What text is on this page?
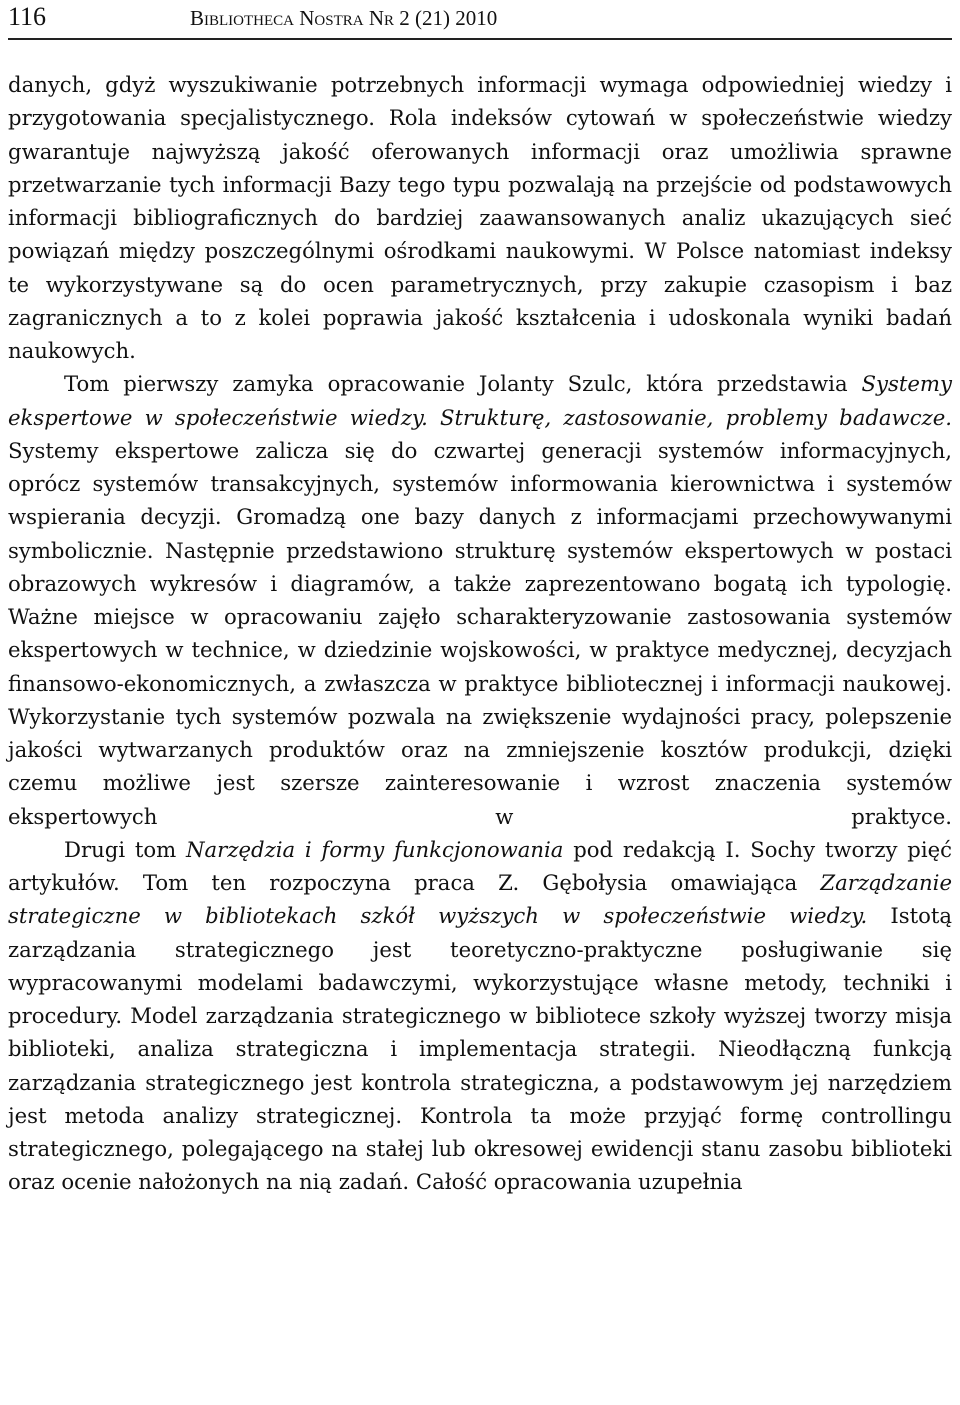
116	Bibliotheca Nostra Nr 2 (21) 2010

danych, gdyż wyszukiwanie potrzebnych informacji wymaga odpowiedniej wiedzy i przygotowania specjalistycznego. Rola indeksów cytowań w społeczeństwie wiedzy gwarantuje najwyższą jakość oferowanych informacji oraz umożliwia sprawne przetwarzanie tych informacji Bazy tego typu pozwalają na przejście od podstawowych informacji bibliograficznych do bardziej zaawansowanych analiz ukazujących sieć powiązań między poszczególnymi ośrodkami naukowymi. W Polsce natomiast indeksy te wykorzystywane są do ocen parametrycznych, przy zakupie czasopism i baz zagranicznych a to z kolei poprawia jakość kształcenia i udoskonala wyniki badań naukowych.

Tom pierwszy zamyka opracowanie Jolanty Szulc, która przedstawia Systemy ekspertowe w społeczeństwie wiedzy. Strukturę, zastosowanie, problemy badawcze. Systemy ekspertowe zalicza się do czwartej generacji systemów informacyjnych, oprócz systemów transakcyjnych, systemów informowania kierownictwa i systemów wspierania decyzji. Gromadzą one bazy danych z informacjami przechowywanymi symbolicznie. Następnie przedstawiono strukturę systemów ekspertowych w postaci obrazowych wykresów i diagramów, a także zaprezentowano bogatą ich typologię. Ważne miejsce w opracowaniu zajęło scharakteryzowanie zastosowania systemów ekspertowych w technice, w dziedzinie wojskowości, w praktyce medycznej, decyzjach finansowo-ekonomicznych, a zwłaszcza w praktyce bibliotecznej i informacji naukowej. Wykorzystanie tych systemów pozwala na zwiększenie wydajności pracy, polepszenie jakości wytwarzanych produktów oraz na zmniejszenie kosztów produkcji, dzięki czemu możliwe jest szersze zainteresowanie i wzrost znaczenia systemów ekspertowych w praktyce.

Drugi tom Narzędzia i formy funkcjonowania pod redakcją I. Sochy tworzy pięć artykułów. Tom ten rozpoczyna praca Z. Gębołysia omawiająca Zarządzanie strategiczne w bibliotekach szkół wyższych w społeczeństwie wiedzy. Istotą zarządzania strategicznego jest teoretyczno-praktyczne posługiwanie się wypracowanymi modelami badawczymi, wykorzystujące własne metody, techniki i procedury. Model zarządzania strategicznego w bibliotece szkoły wyższej tworzy misja biblioteki, analiza strategiczna i implementacja strategii. Nieodłączną funkcją zarządzania strategicznego jest kontrola strategiczna, a podstawowym jej narzędziem jest metoda analizy strategicznej. Kontrola ta może przyjąć formę controllingu strategicznego, polegającego na stałej lub okresowej ewidencji stanu zasobu biblioteki oraz ocenie nałożonych na nią zadań. Całość opracowania uzupełnia
